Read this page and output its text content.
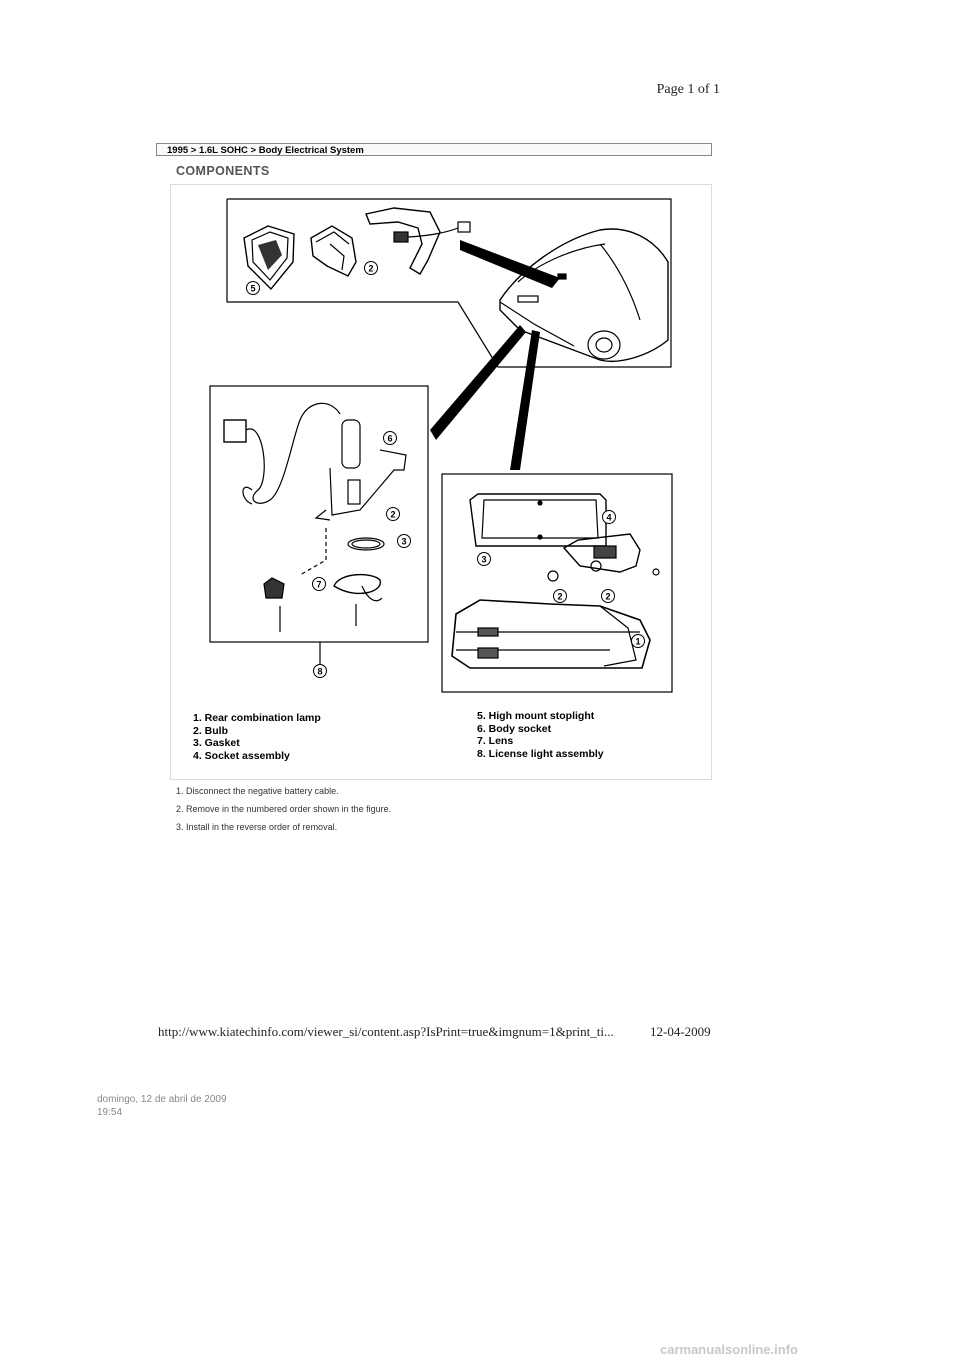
Page 1 of 1
1995 > 1.6L SOHC > Body Electrical System
COMPONENTS
5
2
6
2
3
7
8
4
3
2	2
1
1. Rear combination lamp
2. Bulb
3. Gasket
4. Socket assembly
5. High mount stoplight
6. Body socket
7. Lens
8. License light assembly
1. Disconnect the negative battery cable.
2. Remove in the numbered order shown in the figure.
3. Install in the reverse order of removal.
http://www.kiatechinfo.com/viewer_si/content.asp?IsPrint=true&imgnum=1&print_ti...	12-04-2009
domingo, 12 de abril de 2009
19:54
carmanualsonline.info
